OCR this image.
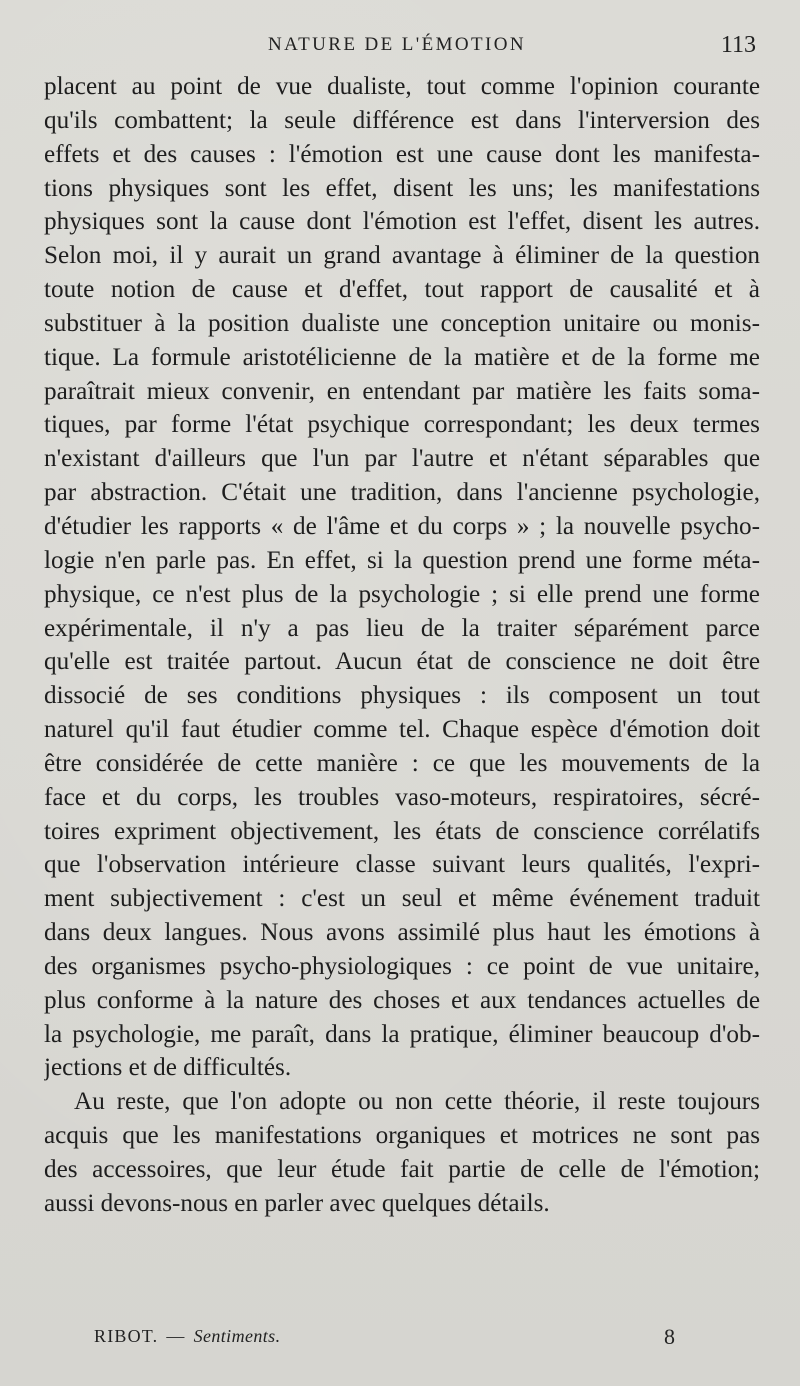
NATURE DE L'ÉMOTION	113
placent au point de vue dualiste, tout comme l'opinion courante
qu'ils combattent; la seule différence est dans l'interversion des
effets et des causes : l'émotion est une cause dont les manifesta-
tions physiques sont les effet, disent les uns; les manifestations
physiques sont la cause dont l'émotion est l'effet, disent les autres.
Selon moi, il y aurait un grand avantage à éliminer de la question
toute notion de cause et d'effet, tout rapport de causalité et à
substituer à la position dualiste une conception unitaire ou monis-
tique. La formule aristotélicienne de la matière et de la forme me
paraîtrait mieux convenir, en entendant par matière les faits soma-
tiques, par forme l'état psychique correspondant; les deux termes
n'existant d'ailleurs que l'un par l'autre et n'étant séparables que
par abstraction. C'était une tradition, dans l'ancienne psychologie,
d'étudier les rapports « de l'âme et du corps » ; la nouvelle psycho-
logie n'en parle pas. En effet, si la question prend une forme méta-
physique, ce n'est plus de la psychologie ; si elle prend une forme
expérimentale, il n'y a pas lieu de la traiter séparément parce
qu'elle est traitée partout. Aucun état de conscience ne doit être
dissocié de ses conditions physiques : ils composent un tout
naturel qu'il faut étudier comme tel. Chaque espèce d'émotion doit
être considérée de cette manière : ce que les mouvements de la
face et du corps, les troubles vaso-moteurs, respiratoires, sécré-
toires expriment objectivement, les états de conscience corrélatifs
que l'observation intérieure classe suivant leurs qualités, l'expri-
ment subjectivement : c'est un seul et même événement traduit
dans deux langues. Nous avons assimilé plus haut les émotions à
des organismes psycho-physiologiques : ce point de vue unitaire,
plus conforme à la nature des choses et aux tendances actuelles de
la psychologie, me paraît, dans la pratique, éliminer beaucoup d'ob-
jections et de difficultés.
Au reste, que l'on adopte ou non cette théorie, il reste toujours
acquis que les manifestations organiques et motrices ne sont pas
des accessoires, que leur étude fait partie de celle de l'émotion;
aussi devons-nous en parler avec quelques détails.
RIBOT. — Sentiments.	8
